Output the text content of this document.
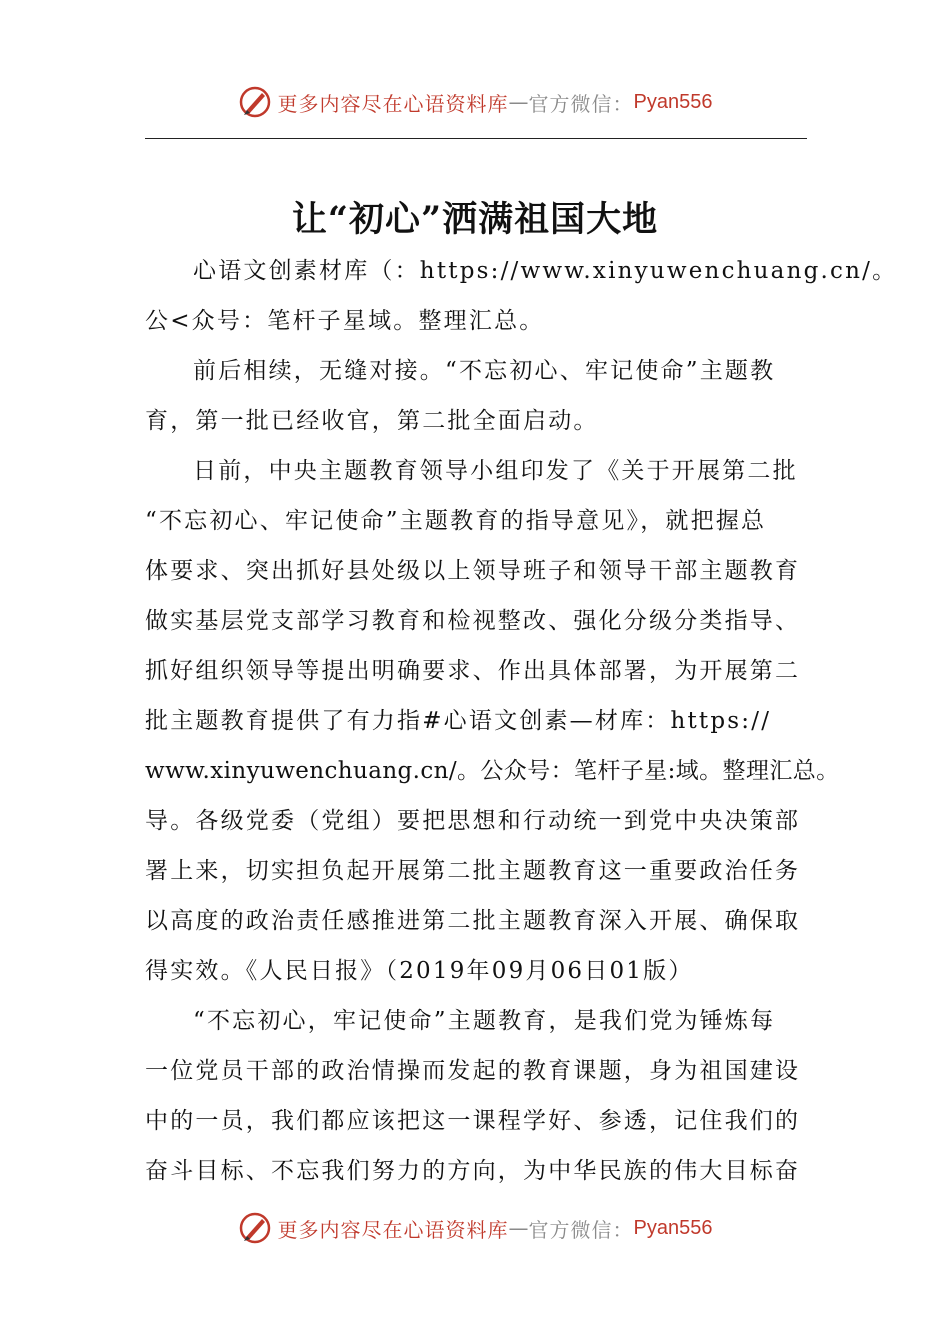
更多内容尽在心语资料库 — 官方微信： Pyan556
让“初心”洒满祖国大地
心语文创素材库（：https://www.xinyuwenchuang.cn/。
公<众号：笔杆子星域。整理汇总。
前后相续，无缝对接。“不忘初心、牢记使命”主题教
育，第一批已经收官，第二批全面启动。
日前，中央主题教育领导小组印发了《关于开展第二批
“不忘初心、牢记使命”主题教育的指导意见》，就把握总
体要求、突出抓好县处级以上领导班子和领导干部主题教育
做实基层党支部学习教育和检视整改、强化分级分类指导、
抓好组织领导等提出明确要求、作出具体部署，为开展第二
批主题教育提供了有力指#心语文创素—材库：https://
www.xinyuwenchuang.cn/。公众号：笔杆子星:域。整理汇总。
导。各级党委（党组）要把思想和行动统一到党中央决策部
署上来，切实担负起开展第二批主题教育这一重要政治任务
以高度的政治责任感推进第二批主题教育深入开展、确保取
得实效。《人民日报》（2019年09月06日01版）
“不忘初心，牢记使命”主题教育，是我们党为锤炼每
一位党员干部的政治情操而发起的教育课题，身为祖国建设
中的一员，我们都应该把这一课程学好、参透，记住我们的
奋斗目标、不忘我们努力的方向，为中华民族的伟大目标奋
更多内容尽在心语资料库 — 官方微信： Pyan556
